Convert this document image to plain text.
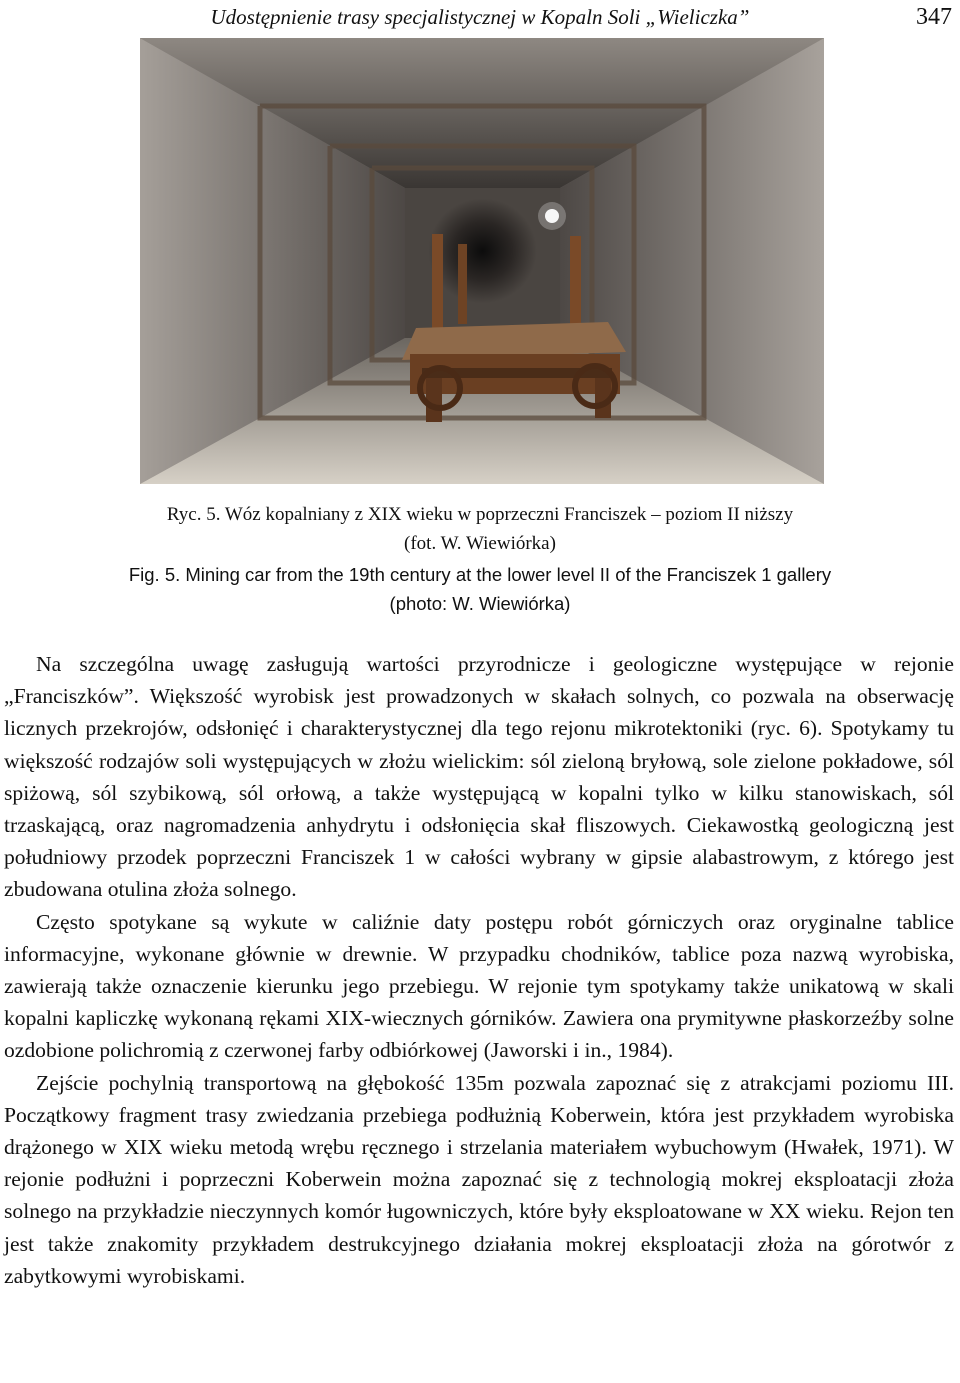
Udostępnienie trasy specjalistycznej w Kopaln Soli „Wieliczka”	347
Ryc. 5. Wóz kopalniany z XIX wieku w poprzeczni Franciszek – poziom II niższy
(fot. W. Wiewiórka)
Fig. 5. Mining car from the 19th century at the lower level II of the Franciszek 1 gallery
(photo: W. Wiewiórka)

Na szczególna uwagę zasługują wartości przyrodnicze i geologiczne występujące w rejonie „Franciszków”. Większość wyrobisk jest prowadzonych w skałach solnych, co pozwala na obserwację licznych przekrojów, odsłonięć i charakterystycznej dla tego rejonu mikrotektoniki (ryc. 6). Spotykamy tu większość rodzajów soli występujących w złożu wielickim: sól zieloną bryłową, sole zielone pokładowe, sól spiżową, sól szybikową, sól orłową, a także występującą w kopalni tylko w kilku stanowiskach, sól trzaskającą, oraz nagromadzenia anhydrytu i odsłonięcia skał fliszowych. Ciekawostką geologiczną jest południowy przodek poprzeczni Franciszek 1 w całości wybrany w gipsie alabastrowym, z którego jest zbudowana otulina złoża solnego.

Często spotykane są wykute w caliźnie daty postępu robót górniczych oraz oryginalne tablice informacyjne, wykonane głównie w drewnie. W przypadku chodników, tablice poza nazwą wyrobiska, zawierają także oznaczenie kierunku jego przebiegu. W rejonie tym spotykamy także unikatową w skali kopalni kapliczkę wykonaną rękami XIX-wiecznych górników. Zawiera ona prymitywne płaskorzeźby solne ozdobione polichromią z czerwonej farby odbiórkowej (Jaworski i in., 1984).

Zejście pochylnią transportową na głębokość 135m pozwala zapoznać się z atrakcjami poziomu III. Początkowy fragment trasy zwiedzania przebiega podłużnią Koberwein, która jest przykładem wyrobiska drążonego w XIX wieku metodą wrębu ręcznego i strzelania materiałem wybuchowym (Hwałek, 1971). W rejonie podłużni i poprzeczni Koberwein można zapoznać się z technologią mokrej eksploatacji złoża solnego na przykładzie nieczynnych komór ługowniczych, które były eksploatowane w XX wieku. Rejon ten jest także znakomity przykładem destrukcyjnego działania mokrej eksploatacji złoża na górotwór z zabytkowymi wyrobiskami.
